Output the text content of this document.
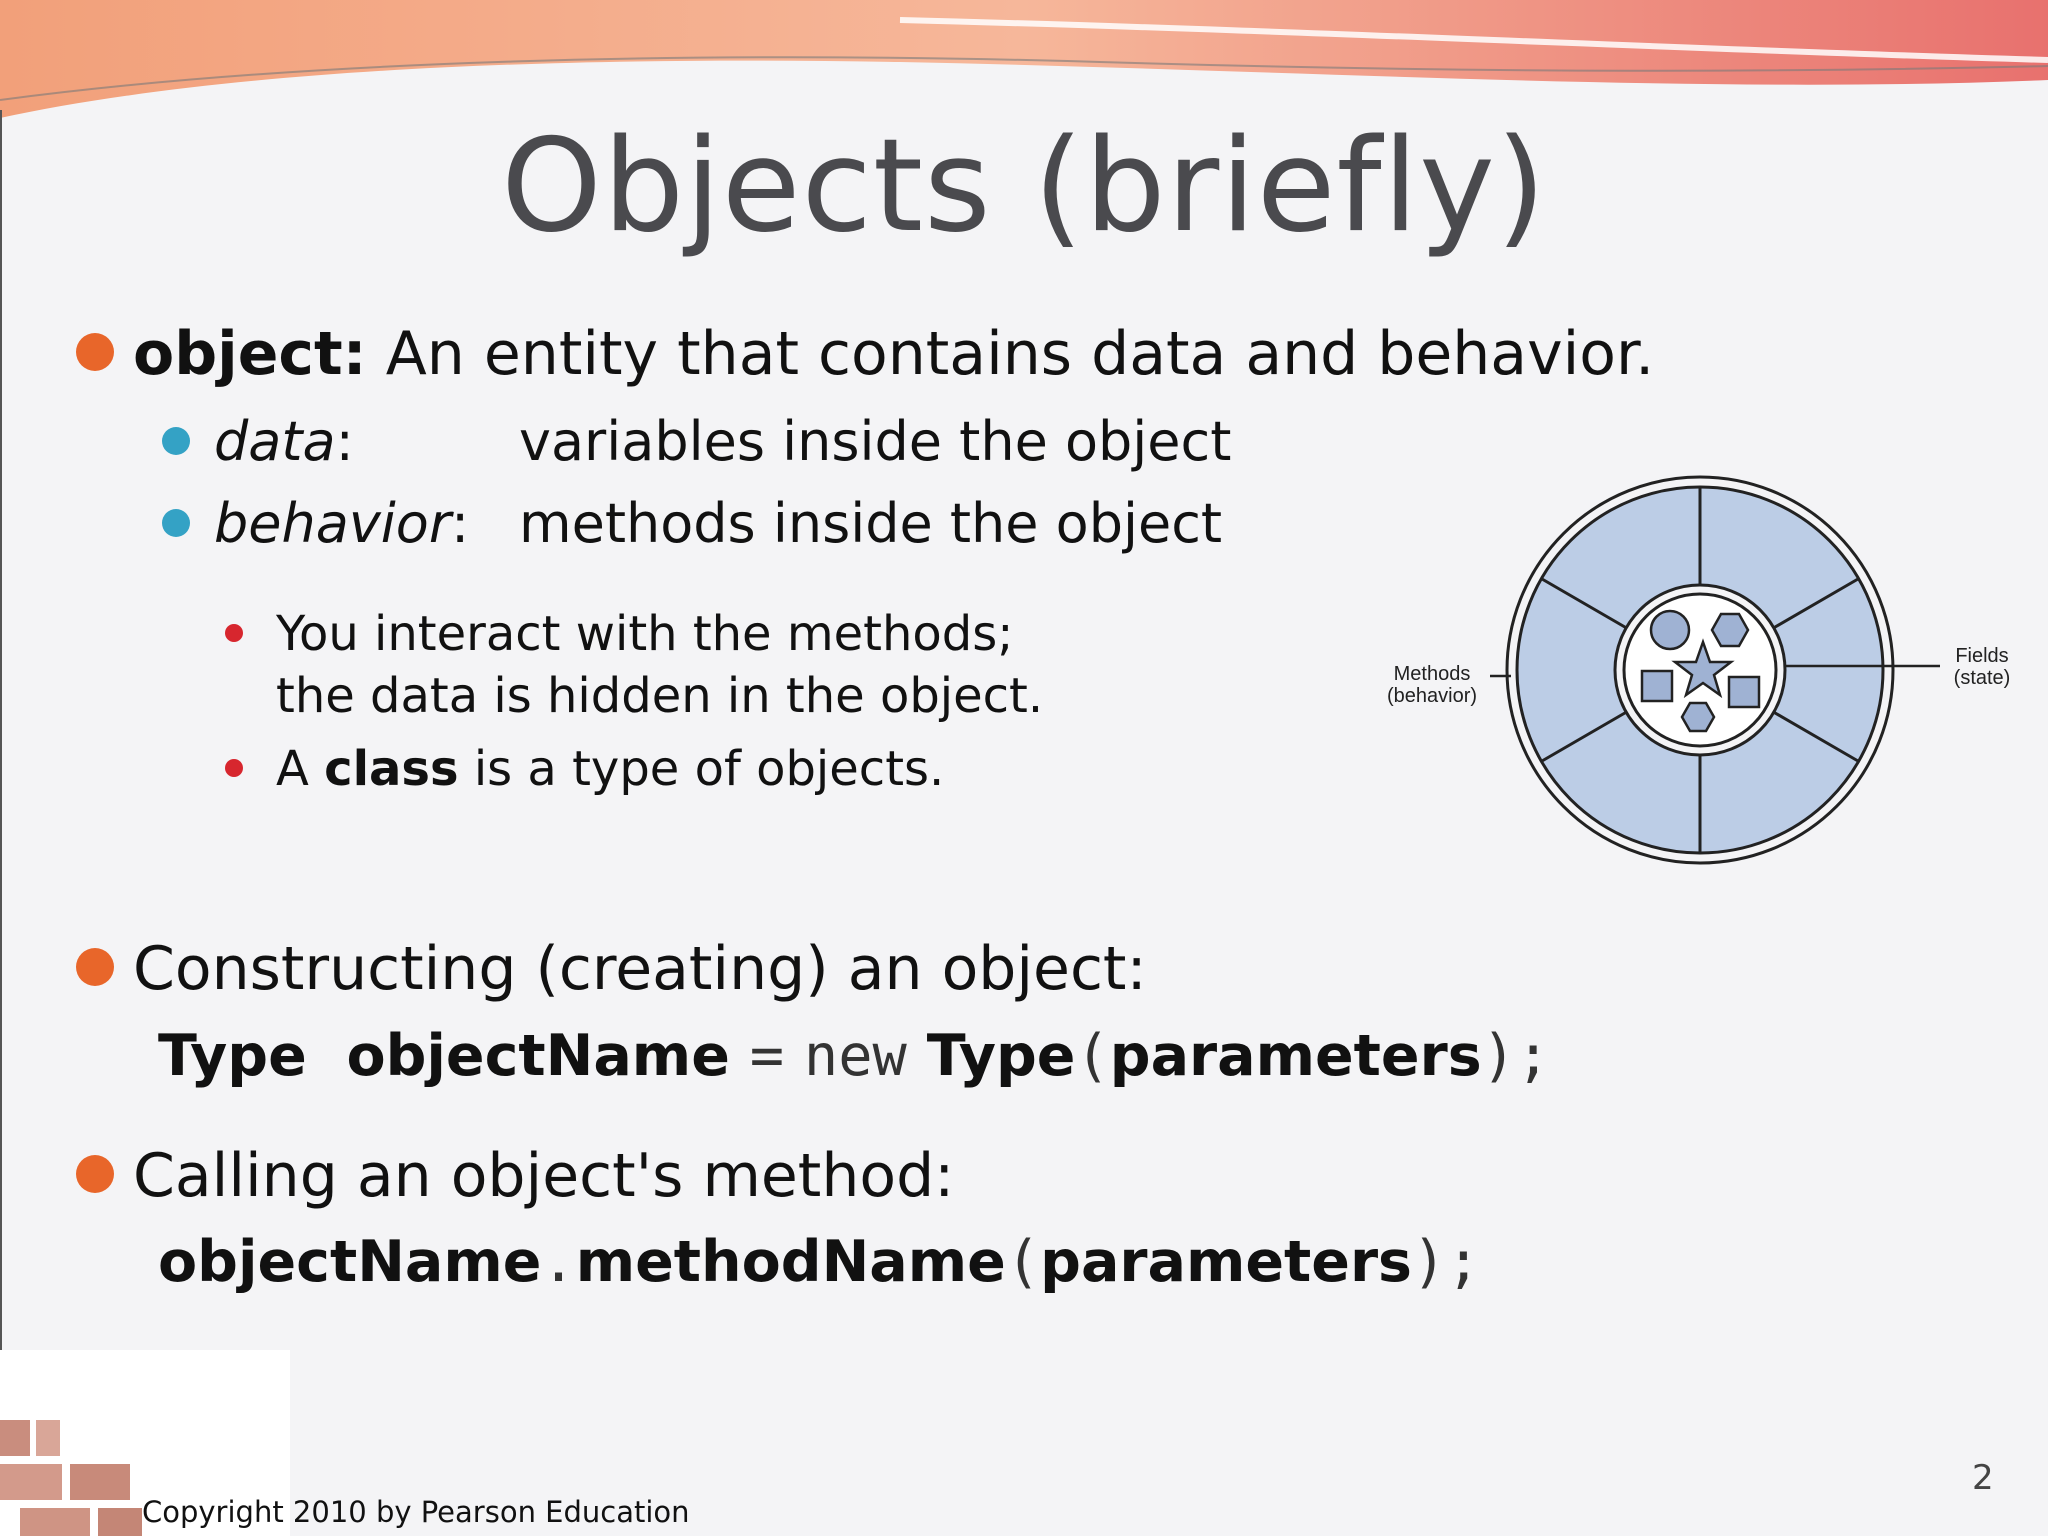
Objects (briefly)
object: An entity that contains data and behavior.
data:	variables inside the object
behavior: methods inside the object
You interact with the methods;
the data is hidden in the object.
A class is a type of objects.
Methods
(behavior)
Fields
(state)
Constructing (creating) an object:
Type objectName = new Type(parameters);
Calling an object's method:
objectName.methodName(parameters);
Copyright 2010 by Pearson Education
2
